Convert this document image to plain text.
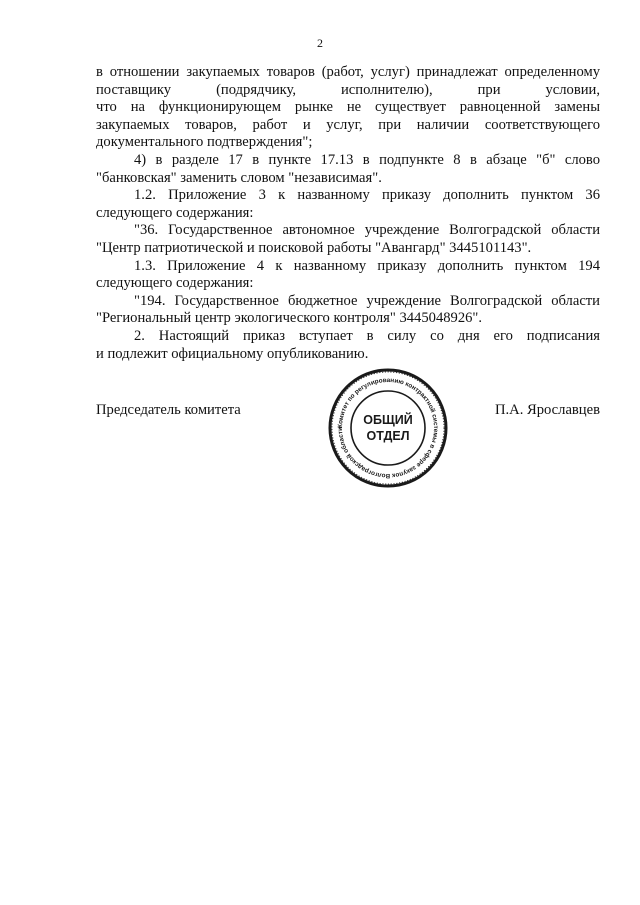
2

в отношении закупаемых товаров (работ, услуг) принадлежат определенному
поставщику (подрядчику, исполнителю), при условии,
что на функционирующем рынке не существует равноценной замены
закупаемых товаров, работ и услуг, при наличии соответствующего
документального подтверждения";

4) в разделе 17 в пункте 17.13 в подпункте 8 в абзаце "б" слово
"банковская" заменить словом "независимая".

1.2. Приложение 3 к названному приказу дополнить пунктом 36
следующего содержания:

"36. Государственное автономное учреждение Волгоградской области
"Центр патриотической и поисковой работы "Авангард" 3445101143".

1.3. Приложение 4 к названному приказу дополнить пунктом 194
следующего содержания:

"194. Государственное бюджетное учреждение Волгоградской области
"Региональный центр экологического контроля" 3445048926".

2. Настоящий приказ вступает в силу со дня его подписания
и подлежит официальному опубликованию.

Председатель комитета	П.А. Ярославцев
Комитет по регулированию контрактной системы в сфере закупок Волгоградской области
ОБЩИЙ
ОТДЕЛ
